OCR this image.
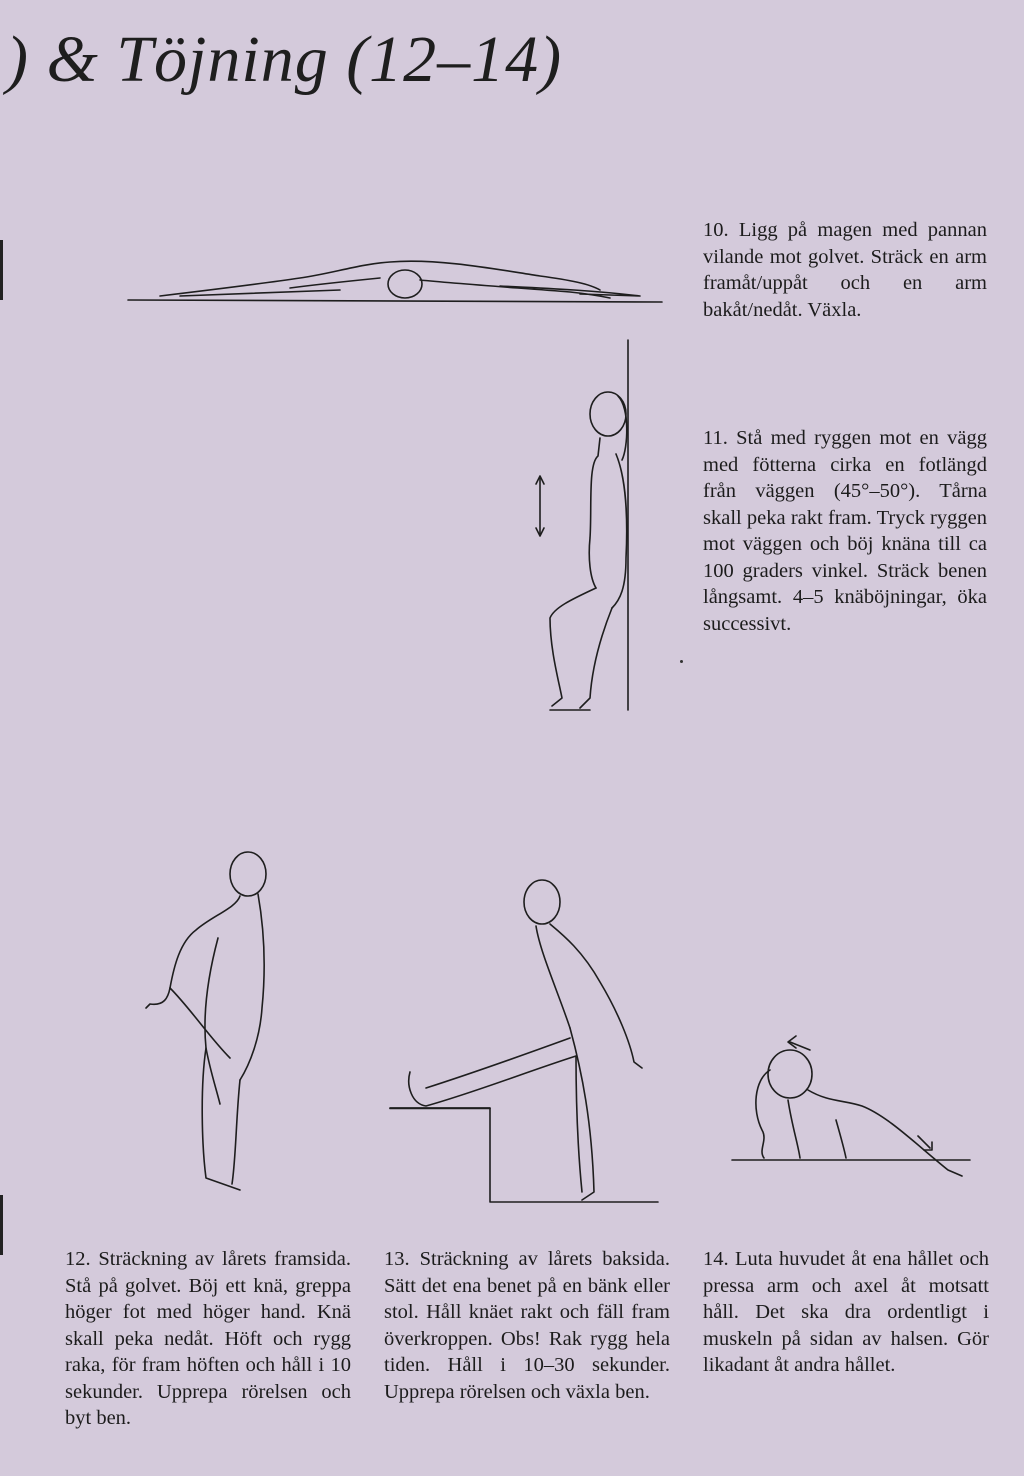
) & Töjning (12–14)

10. Ligg på magen med pannan vilande mot golvet. Sträck en arm framåt/uppåt och en arm bakåt/nedåt. Växla.

11. Stå med ryggen mot en vägg med fötterna cirka en fotlängd från väggen (45°–50°). Tårna skall peka rakt fram. Tryck ryggen mot väggen och böj knäna till ca 100 graders vinkel. Sträck benen långsamt. 4–5 knäböjningar, öka successivt.

12. Sträckning av lårets framsida. Stå på golvet. Böj ett knä, greppa höger fot med höger hand. Knä skall peka nedåt. Höft och rygg raka, för fram höften och håll i 10 sekunder. Upprepa rörelsen och byt ben.

13. Sträckning av lårets baksida. Sätt det ena benet på en bänk eller stol. Håll knäet rakt och fäll fram överkroppen. Obs! Rak rygg hela tiden. Håll i 10–30 sekunder. Upprepa rörelsen och växla ben.

14. Luta huvudet åt ena hållet och pressa arm och axel åt motsatt håll. Det ska dra ordentligt i muskeln på sidan av halsen. Gör likadant åt andra hållet.
